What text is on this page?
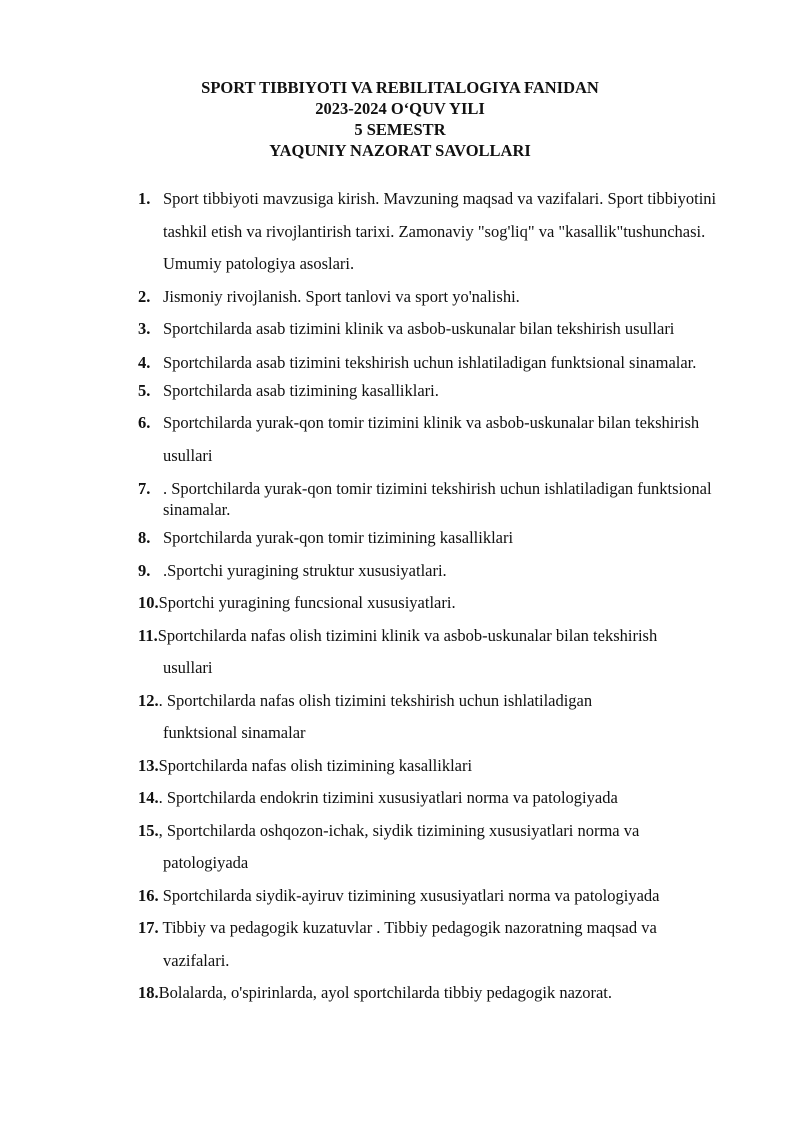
SPORT TIBBIYOTI VA REBILITALOGIYA FANIDAN
2023-2024 O‘QUV YILI
5 SEMESTR
YAQUNIY NAZORAT SAVOLLARI
1. Sport tibbiyoti mavzusiga kirish. Mavzuning maqsad va vazifalari. Sport tibbiyotini tashkil etish va rivojlantirish tarixi. Zamonaviy "sog'liq" va "kasallik"tushunchasi. Umumiy patologiya asoslari.
2. Jismoniy rivojlanish. Sport tanlovi va sport yo'nalishi.
3. Sportchilarda asab tizimini klinik va asbob-uskunalar bilan tekshirish usullari
4. Sportchilarda asab tizimini tekshirish uchun ishlatiladigan funktsional sinamalar.
5. Sportchilarda asab tizimining kasalliklari.
6. Sportchilarda yurak-qon tomir tizimini klinik va asbob-uskunalar bilan tekshirish usullari
7. . Sportchilarda yurak-qon tomir tizimini tekshirish uchun ishlatiladigan funktsional sinamalar.
8. Sportchilarda yurak-qon tomir tizimining kasalliklari
9. .Sportchi yuragining struktur xususiyatlari.
10.Sportchi yuragining funcsional xususiyatlari.
11.Sportchilarda nafas olish tizimini klinik va asbob-uskunalar bilan tekshirish
usullari
12.. Sportchilarda nafas olish tizimini tekshirish uchun ishlatiladigan
funktsional sinamalar
13.Sportchilarda nafas olish tizimining kasalliklari
14.. Sportchilarda endokrin tizimini xususiyatlari norma va patologiyada
15., Sportchilarda oshqozon-ichak, siydik tizimining xususiyatlari norma va
patologiyada
16. Sportchilarda siydik-ayiruv tizimining xususiyatlari norma va patologiyada
17. Tibbiy va pedagogik kuzatuvlar . Tibbiy pedagogik nazoratning maqsad va
vazifalari.
18.Bolalarda, o'spirinlarda, ayol sportchilarda tibbiy pedagogik nazorat.
